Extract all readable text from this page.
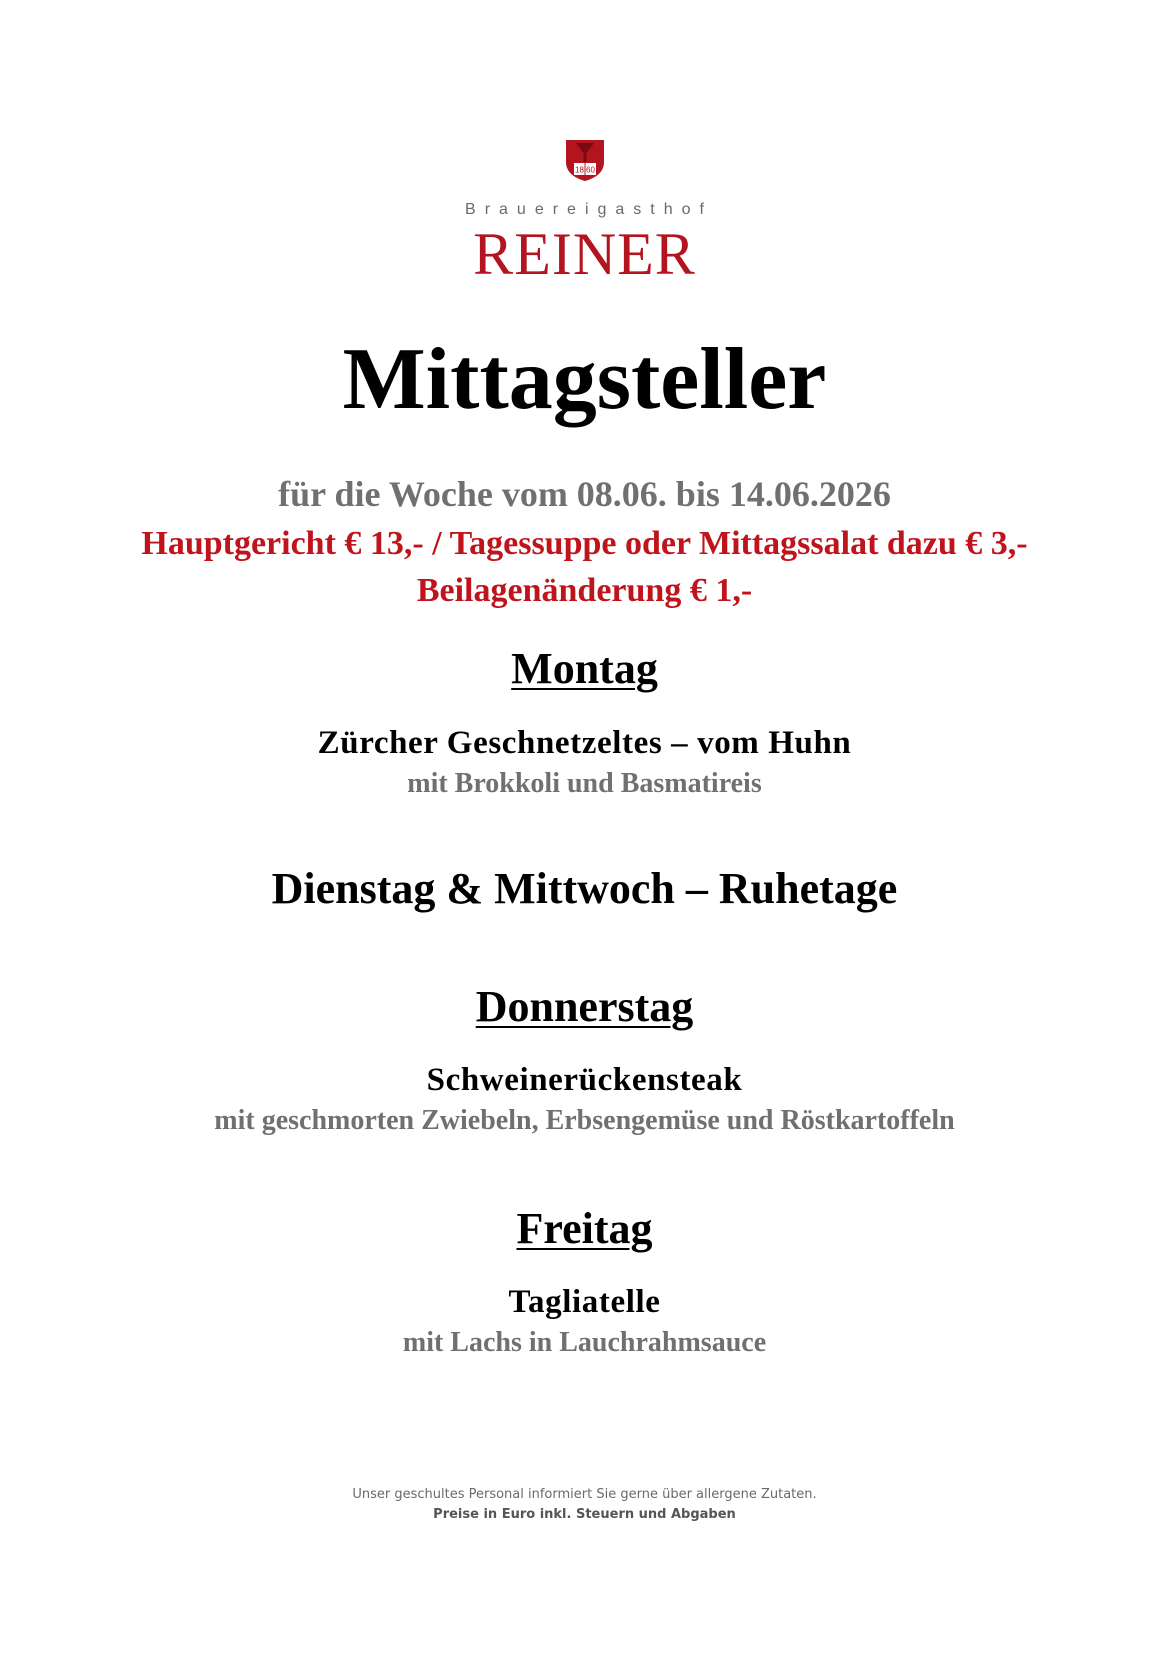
18 60
Brauereigasthof
REINER
Mittagsteller
für die Woche vom 08.06. bis 14.06.2026
Hauptgericht € 13,- / Tagessuppe oder Mittagssalat dazu € 3,-
Beilagenänderung € 1,-
Montag
Zürcher Geschnetzeltes – vom Huhn
mit Brokkoli und Basmatireis
Dienstag & Mittwoch – Ruhetage
Donnerstag
Schweinerückensteak
mit geschmorten Zwiebeln, Erbsengemüse und Röstkartoffeln
Freitag
Tagliatelle
mit Lachs in Lauchrahmsauce
Unser geschultes Personal informiert Sie gerne über allergene Zutaten.
Preise in Euro inkl. Steuern und Abgaben
